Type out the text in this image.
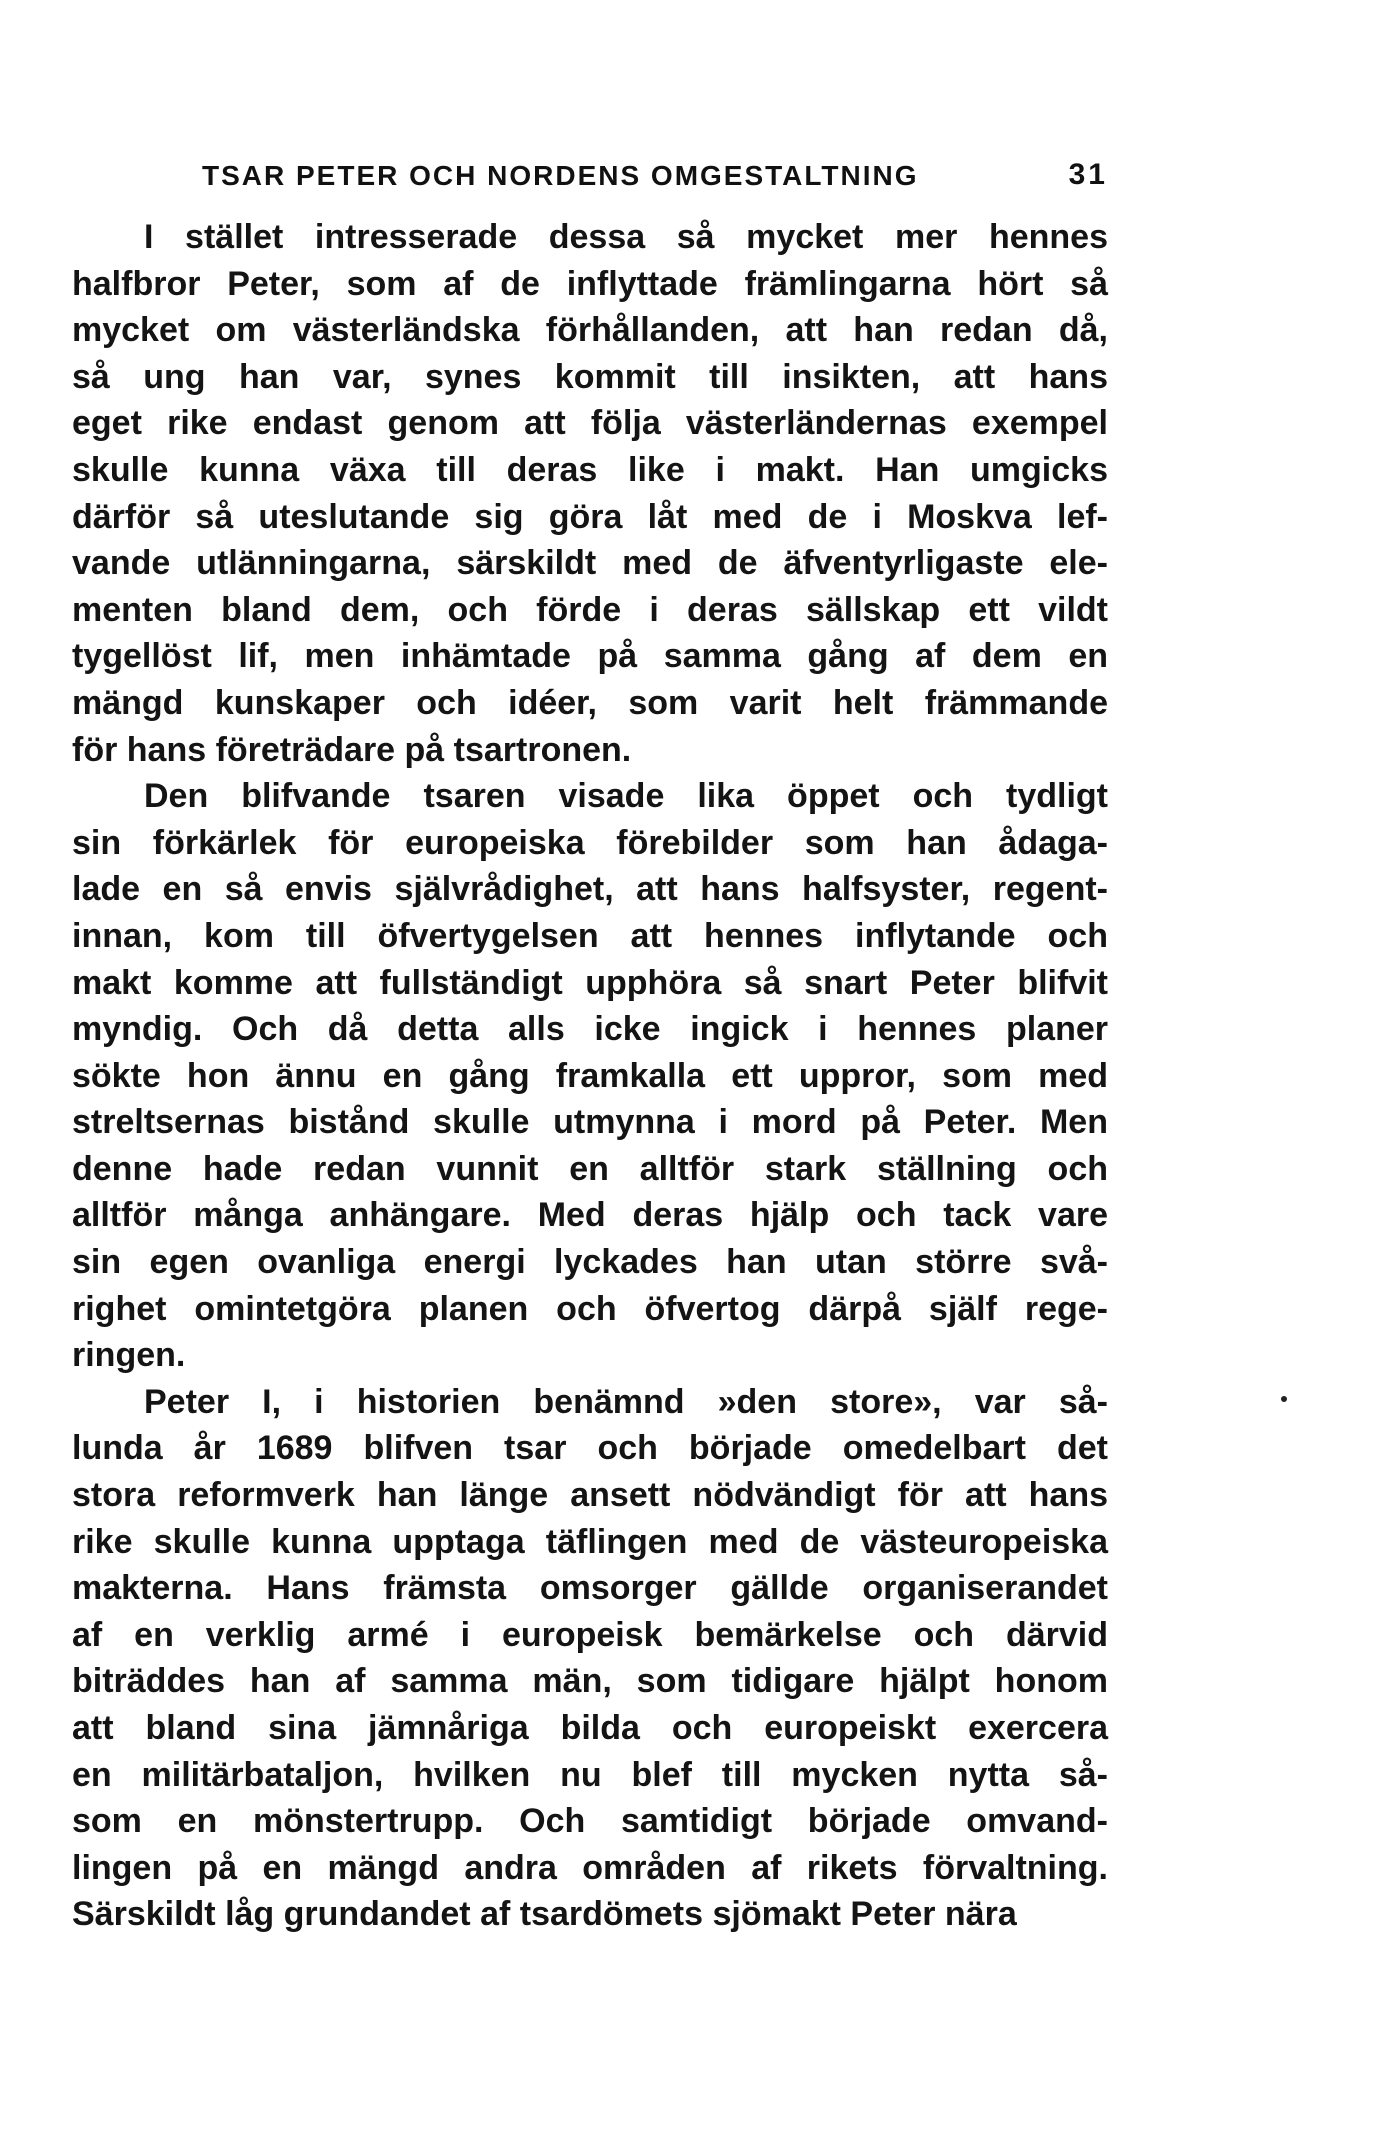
TSAR PETER OCH NORDENS OMGESTALTNING	31

I stället intresserade dessa så mycket mer hennes
halfbror Peter, som af de inflyttade främlingarna hört så
mycket om västerländska förhållanden, att han redan då,
så ung han var, synes kommit till insikten, att hans
eget rike endast genom att följa västerländernas exempel
skulle kunna växa till deras like i makt. Han umgicks
därför så uteslutande sig göra låt med de i Moskva lef-
vande utlänningarna, särskildt med de äfventyrligaste ele-
menten bland dem, och förde i deras sällskap ett vildt
tygellöst lif, men inhämtade på samma gång af dem en
mängd kunskaper och idéer, som varit helt främmande
för hans företrädare på tsartronen.

Den blifvande tsaren visade lika öppet och tydligt
sin förkärlek för europeiska förebilder som han ådaga-
lade en så envis självrådighet, att hans halfsyster, regent-
innan, kom till öfvertygelsen att hennes inflytande och
makt komme att fullständigt upphöra så snart Peter blifvit
myndig. Och då detta alls icke ingick i hennes planer
sökte hon ännu en gång framkalla ett uppror, som med
streltsernas bistånd skulle utmynna i mord på Peter. Men
denne hade redan vunnit en alltför stark ställning och
alltför många anhängare. Med deras hjälp och tack vare
sin egen ovanliga energi lyckades han utan större svå-
righet omintetgöra planen och öfvertog därpå själf rege-
ringen.

Peter I, i historien benämnd »den store», var så-
lunda år 1689 blifven tsar och började omedelbart det
stora reformverk han länge ansett nödvändigt för att hans
rike skulle kunna upptaga täflingen med de västeuropeiska
makterna. Hans främsta omsorger gällde organiserandet
af en verklig armé i europeisk bemärkelse och därvid
biträddes han af samma män, som tidigare hjälpt honom
att bland sina jämnåriga bilda och europeiskt exercera
en militärbataljon, hvilken nu blef till mycken nytta så-
som en mönstertrupp. Och samtidigt började omvand-
lingen på en mängd andra områden af rikets förvaltning.
Särskildt låg grundandet af tsardömets sjömakt Peter nära
